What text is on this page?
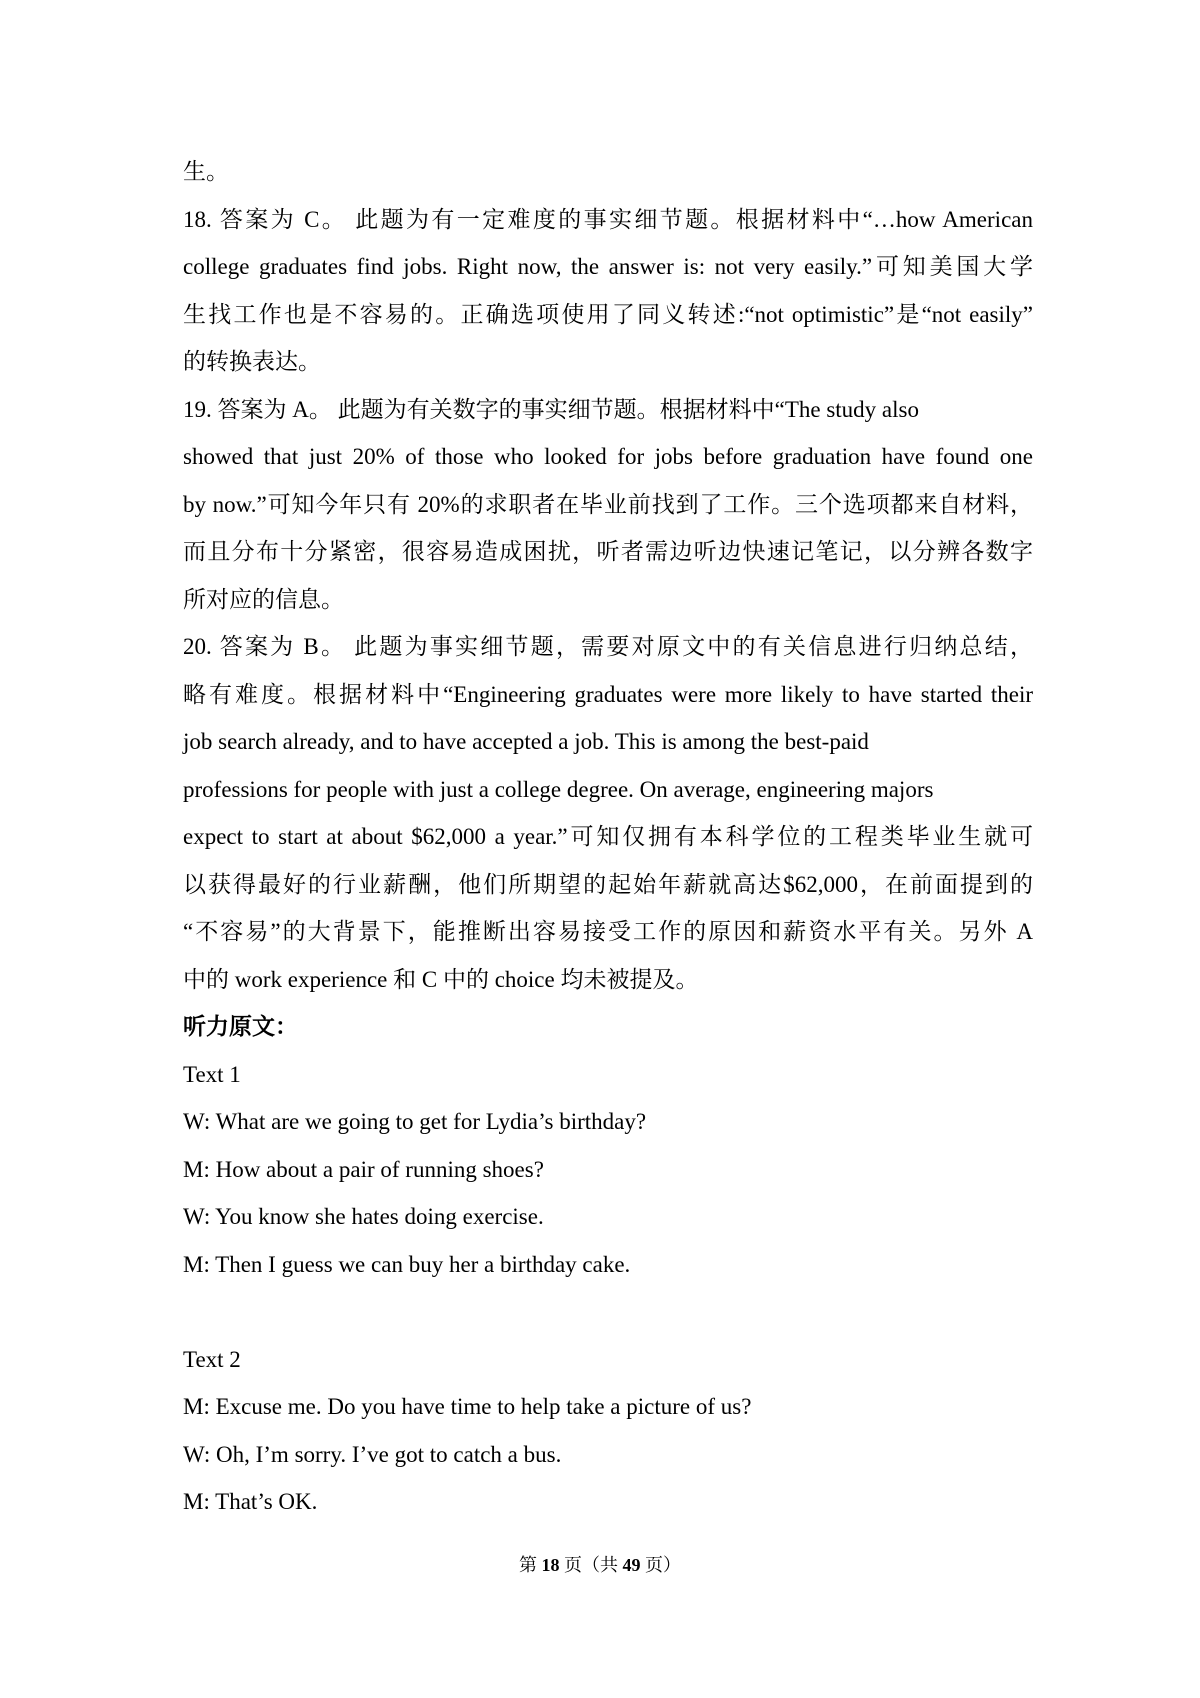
生。
18. 答案为 C。 此题为有一定难度的事实细节题。根据材料中“…how American
college graduates find jobs. Right now, the answer is: not very easily.”可知美国大学
生找工作也是不容易的。正确选项使用了同义转述:“not optimistic”是“not easily”
的转换表达。
19. 答案为 A。 此题为有关数字的事实细节题。根据材料中“The study also
showed that just 20% of those who looked for jobs before graduation have found one
by now.”可知今年只有 20%的求职者在毕业前找到了工作。三个选项都来自材料，
而且分布十分紧密，很容易造成困扰，听者需边听边快速记笔记，以分辨各数字
所对应的信息。
20. 答案为 B。 此题为事实细节题，需要对原文中的有关信息进行归纳总结，
略有难度。根据材料中“Engineering graduates were more likely to have started their
job search already, and to have accepted a job. This is among the best-paid
professions for people with just a college degree. On average, engineering majors
expect to start at about $62,000 a year.”可知仅拥有本科学位的工程类毕业生就可
以获得最好的行业薪酬，他们所期望的起始年薪就高达$62,000，在前面提到的
“不容易”的大背景下，能推断出容易接受工作的原因和薪资水平有关。另外 A
中的 work experience 和 C 中的 choice 均未被提及。
听力原文：
Text 1
W: What are we going to get for Lydia’s birthday?
M: How about a pair of running shoes?
W: You know she hates doing exercise.
M: Then I guess we can buy her a birthday cake.
Text 2
M: Excuse me. Do you have time to help take a picture of us?
W: Oh, I’m sorry. I’ve got to catch a bus.
M: That’s OK.
第 18 页（共 49 页）
